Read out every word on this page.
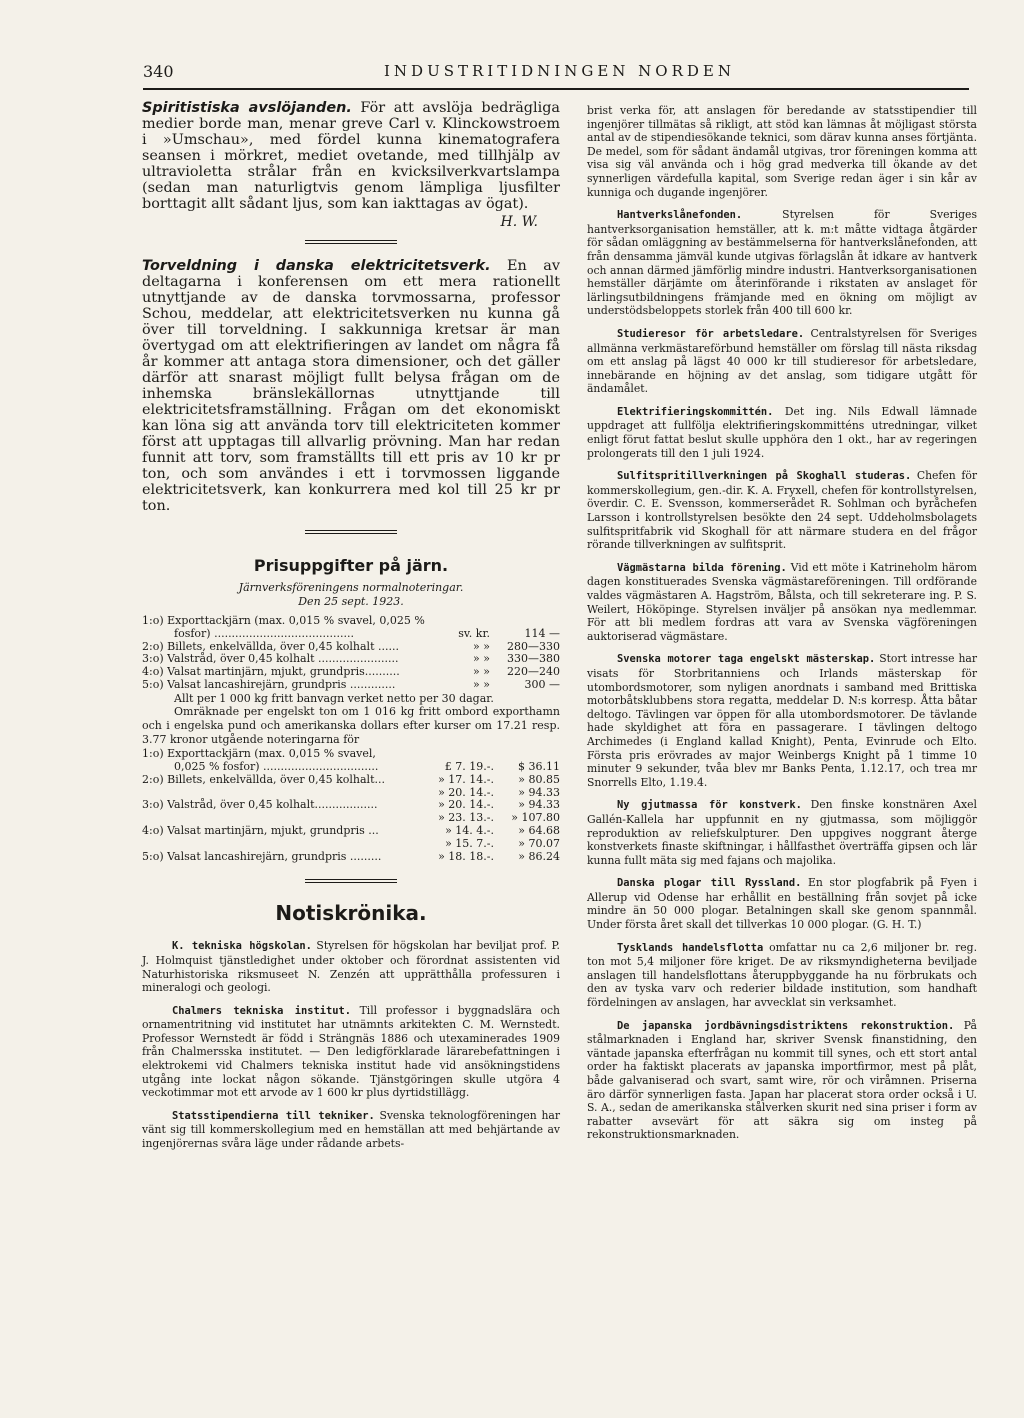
340	INDUSTRITIDNINGEN NORDEN

Spiritistiska avslöjanden. För att avslöja bedrägliga medier borde man, menar greve Carl v. Klinckowstroem i »Umschau», med fördel kunna kinematografera seansen i mörkret, mediet ovetande, med tillhjälp av ultravioletta strålar från en kvicksilverkvartslampa (sedan man naturligtvis genom lämpliga ljusfilter borttagit allt sådant ljus, som kan iakttagas av ögat).

H. W.

Torveldning i danska elektricitetsverk. En av deltagarna i konferensen om ett mera rationellt utnyttjande av de danska torvmossarna, professor Schou, meddelar, att elektricitetsverken nu kunna gå över till torveldning. I sakkunniga kretsar är man övertygad om att elektrifieringen av landet om några få år kommer att antaga stora dimensioner, och det gäller därför att snarast möjligt fullt belysa frågan om de inhemska bränslekällornas utnyttjande till elektricitetsframställning. Frågan om det ekonomiskt kan löna sig att använda torv till elektriciteten kommer först att upptagas till allvarlig prövning. Man har redan funnit att torv, som framställts till ett pris av 10 kr pr ton, och som användes i ett i torvmossen liggande elektricitetsverk, kan konkurrera med kol till 25 kr pr ton.

Prisuppgifter på järn.

Järnverksföreningens normalnoteringar.

Den 25 sept. 1923.

1:o) Exporttackjärn (max. 0,015 % svavel, 0,025 %		
fosfor) ........................................	sv. kr.	114 —
2:o) Billets, enkelvällda, över 0,45 kolhalt ......	» »	280—330
3:o) Valstråd, över 0,45 kolhalt .......................	» »	330—380
4:o) Valsat martinjärn, mjukt, grundpris..........	» »	220—240
5:o) Valsat lancashirejärn, grundpris .............	» »	300 —

Allt per 1 000 kg fritt banvagn verket netto per 30 dagar.

Omräknade per engelskt ton om 1 016 kg fritt ombord exporthamn och i engelska pund och amerikanska dollars efter kurser om 17.21 resp. 3.77 kronor utgående noteringarna för

1:o) Exporttackjärn (max. 0,015 % svavel,		
0,025 % fosfor) .................................	£ 7. 19.-.	$ 36.11
2:o) Billets, enkelvällda, över 0,45 kolhalt...	» 17. 14.-.	» 80.85
	» 20. 14.-.	» 94.33
3:o) Valstråd, över 0,45 kolhalt..................	» 20. 14.-.	» 94.33
	» 23. 13.-.	» 107.80
4:o) Valsat martinjärn, mjukt, grundpris ...	» 14. 4.-.	» 64.68
	» 15. 7.-.	» 70.07
5:o) Valsat lancashirejärn, grundpris .........	» 18. 18.-.	» 86.24
Notiskrönika.

K. tekniska högskolan. Styrelsen för högskolan har beviljat prof. P. J. Holmquist tjänstledighet under oktober och förordnat assistenten vid Naturhistoriska riksmuseet N. Zenzén att upprätthålla professuren i mineralogi och geologi.

Chalmers tekniska institut. Till professor i byggnadslära och ornamentritning vid institutet har utnämnts arkitekten C. M. Wernstedt. Professor Wernstedt är född i Strängnäs 1886 och utexaminerades 1909 från Chalmersska institutet. — Den ledigförklarade lärarebefattningen i elektrokemi vid Chalmers tekniska institut hade vid ansökningstidens utgång inte lockat någon sökande. Tjänstgöringen skulle utgöra 4 veckotimmar mot ett arvode av 1 600 kr plus dyrtidstillägg.

Statsstipendierna till tekniker. Svenska teknologföreningen har vänt sig till kommerskollegium med en hemställan att med behjärtande av ingenjörernas svåra läge under rådande arbets-

brist verka för, att anslagen för beredande av statsstipendier till ingenjörer tillmätas så rikligt, att stöd kan lämnas åt möjligast största antal av de stipendiesökande teknici, som därav kunna anses förtjänta. De medel, som för sådant ändamål utgivas, tror föreningen komma att visa sig väl använda och i hög grad medverka till ökande av det synnerligen värdefulla kapital, som Sverige redan äger i sin kår av kunniga och dugande ingenjörer.

Hantverkslånefonden.	Styrelsen för Sveriges hantverksorganisation hemställer, att k. m:t måtte vidtaga åtgärder för sådan omläggning av bestämmelserna för hantverkslånefonden, att från densamma jämväl kunde utgivas förlagslån åt idkare av hantverk och annan därmed jämförlig mindre industri. Hantverksorganisationen hemställer därjämte om återinförande i rikstaten av anslaget för lärlingsutbildningens främjande med en ökning om möjligt av understödsbeloppets storlek från 400 till 600 kr.

Studieresor för arbetsledare. Centralstyrelsen för Sveriges allmänna verkmästareförbund hemställer om förslag till nästa riksdag om ett anslag på lägst 40 000 kr till studieresor för arbetsledare, innebärande en höjning av det anslag, som tidigare utgått för ändamålet.

Elektrifieringskommittén. Det ing. Nils Edwall lämnade uppdraget att fullfölja elektrifieringskommitténs utredningar, vilket enligt förut fattat beslut skulle upphöra den 1 okt., har av regeringen prolongerats till den 1 juli 1924.

Sulfitspritillverkningen på Skoghall studeras. Chefen för kommerskollegium, gen.-dir. K. A. Fryxell, chefen för kontrollstyrelsen, överdir. C. E. Svensson, kommerserådet R. Sohlman och byråchefen Larsson i kontrollstyrelsen besökte den 24 sept. Uddeholmsbolagets sulfitspritfabrik vid Skoghall för att närmare studera en del frågor rörande tillverkningen av sulfitsprit.

Vägmästarna bilda förening. Vid ett möte i Katrineholm härom dagen konstituerades Svenska vägmästareföreningen. Till ordförande valdes vägmästaren A. Hagström, Bålsta, och till sekreterare ing. P. S. Weilert, Hököpinge. Styrelsen inväljer på ansökan nya medlemmar. För att bli medlem fordras att vara av Svenska vägföreningen auktoriserad vägmästare.

Svenska motorer taga engelskt mästerskap. Stort intresse har visats för Storbritanniens och Irlands mästerskap för utombordsmotorer, som nyligen anordnats i samband med Brittiska motorbåtsklubbens stora regatta, meddelar D. N:s korresp. Åtta båtar deltogo. Tävlingen var öppen för alla utombordsmotorer. De tävlande hade skyldighet att föra en passagerare. I tävlingen deltogo Archimedes (i England kallad Knight), Penta, Evinrude och Elto. Första pris erövrades av major Weinbergs Knight på 1 timme 10 minuter 9 sekunder, tvåa blev mr Banks Penta, 1.12.17, och trea mr Snorrells Elto, 1.19.4.

Ny gjutmassa för konstverk. Den finske konstnären Axel Gallén-Kallela har uppfunnit en ny gjutmassa, som möjliggör reproduktion av reliefskulpturer. Den uppgives noggrant återge konstverkets finaste skiftningar, i hållfasthet överträffa gipsen och lär kunna fullt mäta sig med fajans och majolika.

Danska plogar till Ryssland. En stor plogfabrik på Fyen i Allerup vid Odense har erhållit en beställning från sovjet på icke mindre än 50 000 plogar. Betalningen skall ske genom spannmål. Under första året skall det tillverkas 10 000 plogar. (G. H. T.)

Tysklands handelsflotta omfattar nu ca 2,6 miljoner br. reg. ton mot 5,4 miljoner före kriget. De av riksmyndigheterna beviljade anslagen till handelsflottans återuppbyggande ha nu förbrukats och den av tyska varv och rederier bildade institution, som handhaft fördelningen av anslagen, har avvecklat sin verksamhet.

De japanska jordbävningsdistriktens rekonstruktion. På stålmarknaden i England har, skriver Svensk finanstidning, den väntade japanska efterfrågan nu kommit till synes, och ett stort antal order ha faktiskt placerats av japanska importfirmor, mest på plåt, både galvaniserad och svart, samt wire, rör och viråmnen. Priserna äro därför synnerligen fasta. Japan har placerat stora order också i U. S. A., sedan de amerikanska stålverken skurit ned sina priser i form av rabatter avsevärt för att säkra sig om insteg på rekonstruktionsmarknaden.
